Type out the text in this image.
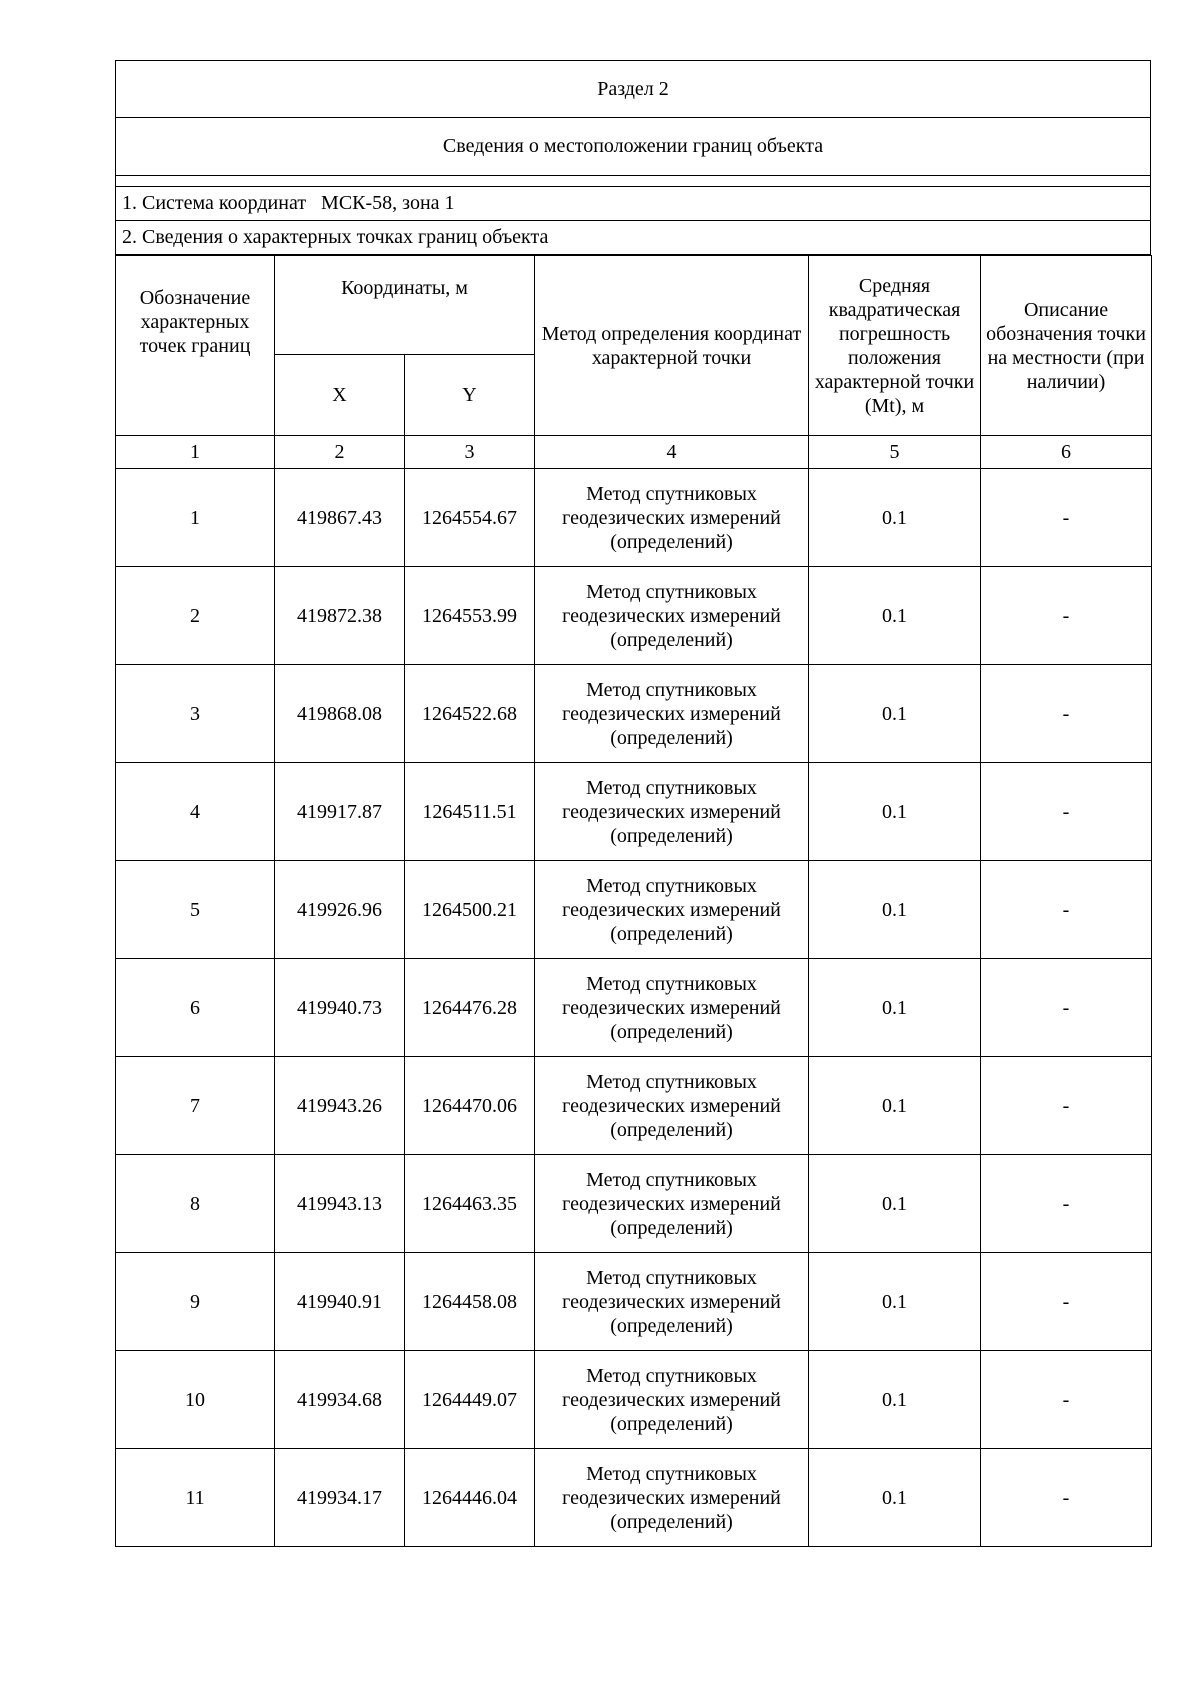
Раздел 2
Сведения о местоположении границ объекта
1. Система координат   МСК-58, зона 1
2. Сведения о характерных точках границ объекта
Обозначение характерных точек границ	Координаты, м		Метод определения координат характерной точки	Средняя квадратическая погрешность положения характерной точки (Mt), м	Описание обозначения точки на местности (при наличии)
	X	Y			
1	2	3	4	5	6
1	419867.43	1264554.67	Метод спутниковых геодезических измерений (определений)	0.1	-
2	419872.38	1264553.99	Метод спутниковых геодезических измерений (определений)	0.1	-
3	419868.08	1264522.68	Метод спутниковых геодезических измерений (определений)	0.1	-
4	419917.87	1264511.51	Метод спутниковых геодезических измерений (определений)	0.1	-
5	419926.96	1264500.21	Метод спутниковых геодезических измерений (определений)	0.1	-
6	419940.73	1264476.28	Метод спутниковых геодезических измерений (определений)	0.1	-
7	419943.26	1264470.06	Метод спутниковых геодезических измерений (определений)	0.1	-
8	419943.13	1264463.35	Метод спутниковых геодезических измерений (определений)	0.1	-
9	419940.91	1264458.08	Метод спутниковых геодезических измерений (определений)	0.1	-
10	419934.68	1264449.07	Метод спутниковых геодезических измерений (определений)	0.1	-
11	419934.17	1264446.04	Метод спутниковых геодезических измерений (определений)	0.1	-
